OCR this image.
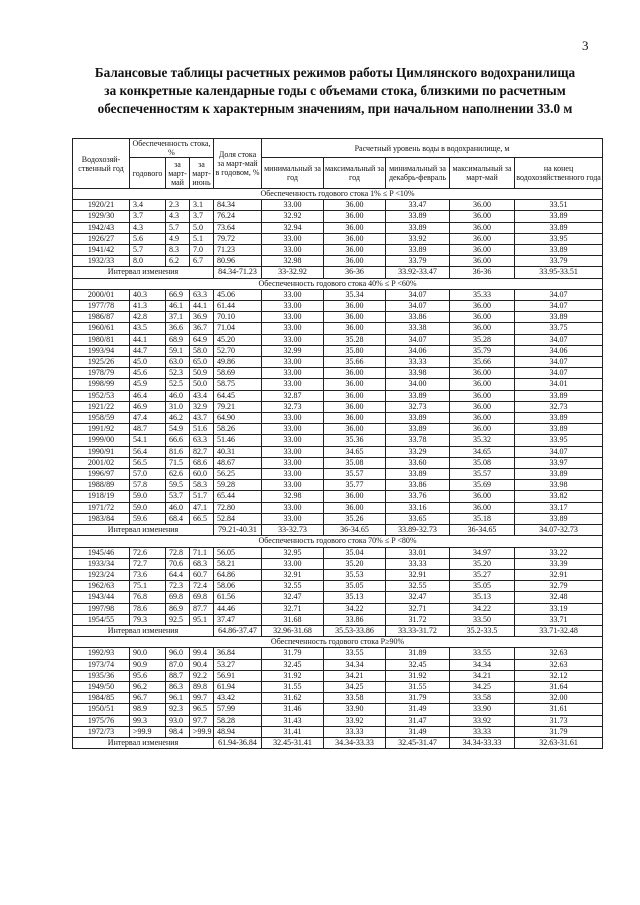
3
Балансовые таблицы расчетных режимов работы Цимлянского водохранилища
за конкретные календарные годы с объемами стока, близкими по расчетным
обеспеченностям к характерным значениям, при начальном наполнении 33.0 м
Водохозяй-ственный год	Обеспеченность стока, %			Доля стока за март-май в годовом, %	Расчетный уровень воды в водохранилище, м				
	годового	за март-май	за март-июнь		минимальный за год	максимальный за год	минимальный за декабрь-февраль	максимальный за март-май	на конец водохозяйственного года
Обеспеченность годового стока 1% ≤ P <10%									
1920/21	3.4	2.3	3.1	84.34	33.00	36.00	33.47	36.00	33.51
1929/30	3.7	4.3	3.7	76.24	32.92	36.00	33.89	36.00	33.89
1942/43	4.3	5.7	5.0	73.64	32.94	36.00	33.89	36.00	33.89
1926/27	5.6	4.9	5.1	79.72	33.00	36.00	33.92	36.00	33.95
1941/42	5.7	8.3	7.0	71.23	33.00	36.00	33.89	36.00	33.89
1932/33	8.0	6.2	6.7	80.96	32.98	36.00	33.79	36.00	33.79
Интервал изменения				84.34-71.23	33-32.92	36-36	33.92-33.47	36-36	33.95-33.51
Обеспеченность годового стока 40% ≤ P <60%									
2000/01	40.3	66.9	63.3	45.06	33.00	35.34	34.07	35.33	34.07
1977/78	41.3	46.1	44.1	61.44	33.00	36.00	34.07	36.00	34.07
1986/87	42.8	37.1	36.9	70.10	33.00	36.00	33.86	36.00	33.89
1960/61	43.5	36.6	36.7	71.04	33.00	36.00	33.38	36.00	33.75
1980/81	44.1	68.9	64.9	45.20	33.00	35.28	34.07	35.28	34.07
1993/94	44.7	59.1	58.0	52.70	32.99	35.80	34.06	35.79	34.06
1925/26	45.0	63.0	65.0	49.86	33.00	35.66	33.33	35.66	34.07
1978/79	45.6	52.3	50.9	58.69	33.00	36.00	33.98	36.00	34.07
1998/99	45.9	52.5	50.0	58.75	33.00	36.00	34.00	36.00	34.01
1952/53	46.4	46.0	43.4	64.45	32.87	36.00	33.89	36.00	33.89
1921/22	46.9	31.0	32.9	79.21	32.73	36.00	32.73	36.00	32.73
1958/59	47.4	46.2	43.7	64.90	33.00	36.00	33.89	36.00	33.89
1991/92	48.7	54.9	51.6	58.26	33.00	36.00	33.89	36.00	33.89
1999/00	54.1	66.6	63.3	51.46	33.00	35.36	33.78	35.32	33.95
1990/91	56.4	81.6	82.7	40.31	33.00	34.65	33.29	34.65	34.07
2001/02	56.5	71.5	68.6	48.67	33.00	35.08	33.60	35.08	33.97
1996/97	57.0	62.6	60.0	56.25	33.00	35.57	33.89	35.57	33.89
1988/89	57.8	59.5	58.3	59.28	33.00	35.77	33.86	35.69	33.98
1918/19	59.0	53.7	51.7	65.44	32.98	36.00	33.76	36.00	33.82
1971/72	59.0	46.0	47.1	72.80	33.00	36.00	33.16	36.00	33.17
1983/84	59.6	68.4	66.5	52.84	33.00	35.26	33.65	35.18	33.89
Интервал изменения				79.21-40.31	33-32.73	36-34.65	33.89-32.73	36-34.65	34.07-32.73
Обеспеченность годового стока 70% ≤ P <80%									
1945/46	72.6	72.8	71.1	56.05	32.95	35.04	33.01	34.97	33.22
1933/34	72.7	70.6	68.3	58.21	33.00	35.20	33.33	35.20	33.39
1923/24	73.6	64.4	60.7	64.86	32.91	35.53	32.91	35.27	32.91
1962/63	75.1	72.3	72.4	58.06	32.55	35.05	32.55	35.05	32.79
1943/44	76.8	69.8	69.8	61.56	32.47	35.13	32.47	35.13	32.48
1997/98	78.6	86.9	87.7	44.46	32.71	34.22	32.71	34.22	33.19
1954/55	79.3	92.5	95.1	37.47	31.68	33.86	31.72	33.50	33.71
Интервал изменения				64.86-37.47	32.96-31.68	35.53-33.86	33.33-31.72	35.2-33.5	33.71-32.48
Обеспеченность годового стока P≥90%									
1992/93	90.0	96.0	99.4	36.84	31.79	33.55	31.89	33.55	32.63
1973/74	90.9	87.0	90.4	53.27	32.45	34.34	32.45	34.34	32.63
1935/36	95.6	88.7	92.2	56.91	31.92	34.21	31.92	34.21	32.12
1949/50	96.2	86.3	89.8	61.94	31.55	34.25	31.55	34.25	31.64
1984/85	96.7	96.1	99.7	43.42	31.62	33.58	31.79	33.58	32.00
1950/51	98.9	92.3	96.5	57.99	31.46	33.90	31.49	33.90	31.61
1975/76	99.3	93.0	97.7	58.28	31.43	33.92	31.47	33.92	31.73
1972/73	>99.9	98.4	>99.9	48.94	31.41	33.33	31.49	33.33	31.79
Интервал изменения				61.94-36.84	32.45-31.41	34.34-33.33	32.45-31.47	34.34-33.33	32.63-31.61
